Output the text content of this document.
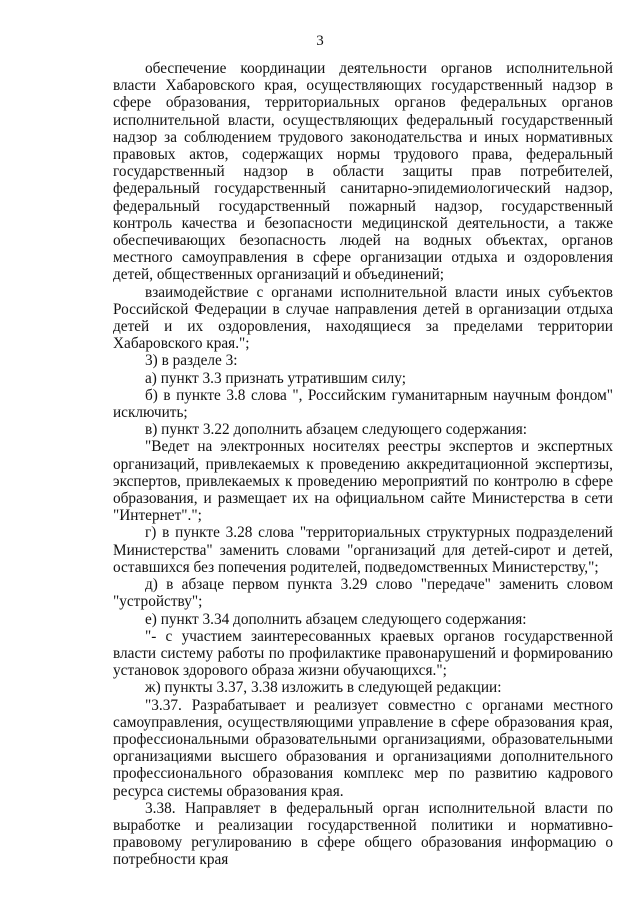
3

обеспечение координации деятельности органов исполнительной власти Хабаровского края, осуществляющих государственный надзор в сфере образования, территориальных органов федеральных органов исполнительной власти, осуществляющих федеральный государственный надзор за соблюдением трудового законодательства и иных нормативных правовых актов, содержащих нормы трудового права, федеральный государственный надзор в области защиты прав потребителей, федеральный государственный санитарно-эпидемиологический надзор, федеральный государственный пожарный надзор, государственный контроль качества и безопасности медицинской деятельности, а также обеспечивающих безопасность людей на водных объектах, органов местного самоуправления в сфере организации отдыха и оздоровления детей, общественных организаций и объединений;

взаимодействие с органами исполнительной власти иных субъектов Российской Федерации в случае направления детей в организации отдыха детей и их оздоровления, находящиеся за пределами территории Хабаровского края.";

3) в разделе 3:

а) пункт 3.3 признать утратившим силу;

б) в пункте 3.8 слова ", Российским гуманитарным научным фондом" исключить;

в) пункт 3.22 дополнить абзацем следующего содержания:

"Ведет на электронных носителях реестры экспертов и экспертных организаций, привлекаемых к проведению аккредитационной экспертизы, экспертов, привлекаемых к проведению мероприятий по контролю в сфере образования, и размещает их на официальном сайте Министерства в сети "Интернет".";

г) в пункте 3.28 слова "территориальных структурных подразделений Министерства" заменить словами "организаций для детей-сирот и детей, оставшихся без попечения родителей, подведомственных Министерству,";

д) в абзаце первом пункта 3.29 слово "передаче" заменить словом "устройству";

е) пункт 3.34 дополнить абзацем следующего содержания:

"- с участием заинтересованных краевых органов государственной власти систему работы по профилактике правонарушений и формированию установок здорового образа жизни обучающихся.";

ж) пункты 3.37, 3.38 изложить в следующей редакции:

"3.37. Разрабатывает и реализует совместно с органами местного самоуправления, осуществляющими управление в сфере образования края, профессиональными образовательными организациями, образовательными организациями высшего образования и организациями дополнительного профессионального образования комплекс мер по развитию кадрового ресурса системы образования края.

3.38. Направляет в федеральный орган исполнительной власти по выработке и реализации государственной политики и нормативно-правовому регулированию в сфере общего образования информацию о потребности края
